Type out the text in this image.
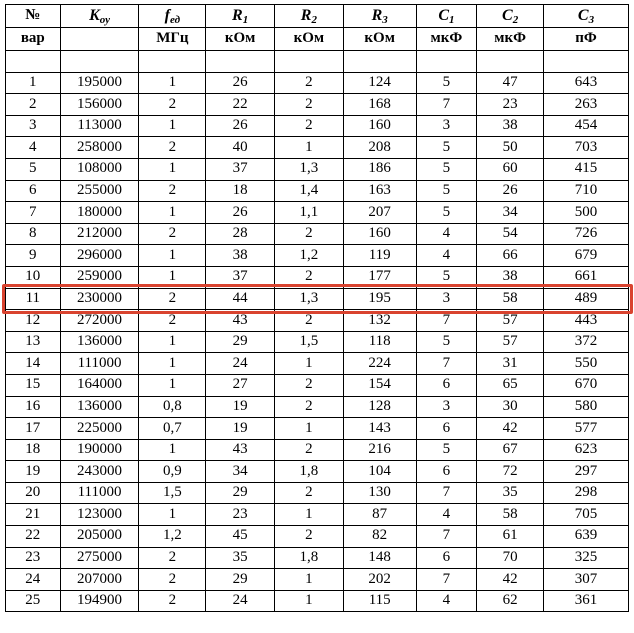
№	$K_{оу}$	$f_{ед}$	$R_1$	$R_2$	$R_3$	$C_1$	$C_2$	$C_3$

вар		МГц	кОм	кОм	кОм	мкФ	мкФ	пФ

1	195000	1	26	2	124	5	47	643
2	156000	2	22	2	168	7	23	263
3	113000	1	26	2	160	3	38	454
4	258000	2	40	1	208	5	50	703
5	108000	1	37	1,3	186	5	60	415
6	255000	2	18	1,4	163	5	26	710
7	180000	1	26	1,1	207	5	34	500
8	212000	2	28	2	160	4	54	726
9	296000	1	38	1,2	119	4	66	679
10	259000	1	37	2	177	5	38	661
11	230000	2	44	1,3	195	3	58	489
12	272000	2	43	2	132	7	57	443
13	136000	1	29	1,5	118	5	57	372
14	111000	1	24	1	224	7	31	550
15	164000	1	27	2	154	6	65	670
16	136000	0,8	19	2	128	3	30	580
17	225000	0,7	19	1	143	6	42	577
18	190000	1	43	2	216	5	67	623
19	243000	0,9	34	1,8	104	6	72	297
20	111000	1,5	29	2	130	7	35	298
21	123000	1	23	1	87	4	58	705
22	205000	1,2	45	2	82	7	61	639
23	275000	2	35	1,8	148	6	70	325
24	207000	2	29	1	202	7	42	307
25	194900	2	24	1	115	4	62	361
